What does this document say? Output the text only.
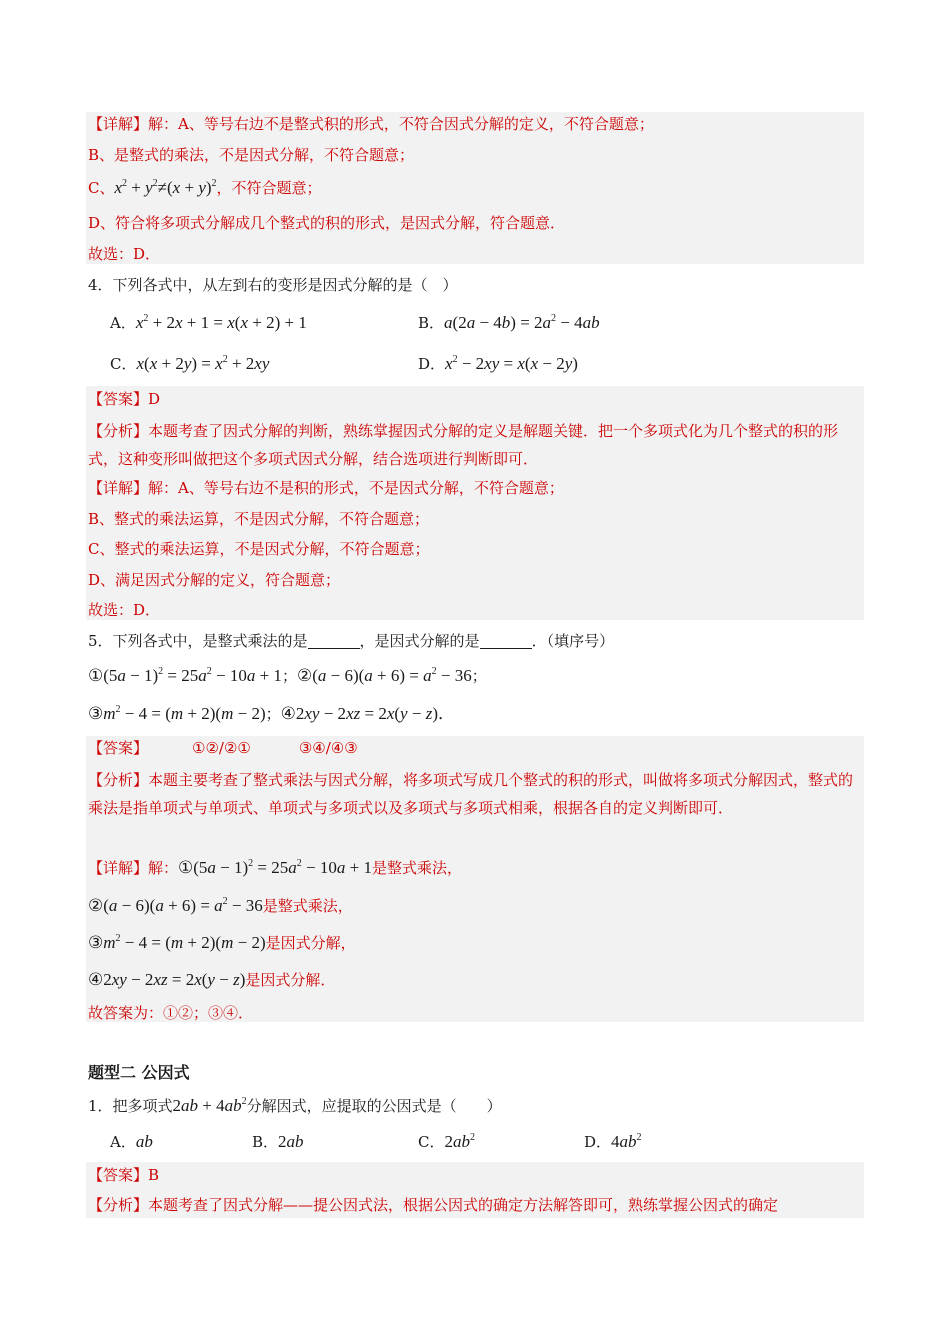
【详解】解：A、等号右边不是整式积的形式，不符合因式分解的定义，不符合题意；
B、是整式的乘法，不是因式分解，不符合题意；
C、$x^2 + y^2\ne(x + y)^2$，不符合题意；
D、符合将多项式分解成几个整式的积的形式，是因式分解，符合题意．
故选：D．
4．下列各式中，从左到右的变形是因式分解的是（　）
A．$x^2 + 2x + 1 = x(x + 2) + 1$	B．$a(2a - 4b) = 2a^2 - 4ab$
C．$x(x + 2y) = x^2 + 2xy$	D．$x^2 - 2xy = x(x - 2y)$
【答案】D
【分析】本题考查了因式分解的判断，熟练掌握因式分解的定义是解题关键．把一个多项式化为几个整式的积的形式，这种变形叫做把这个多项式因式分解，结合选项进行判断即可．
【详解】解：A、等号右边不是积的形式，不是因式分解，不符合题意；
B、整式的乘法运算，不是因式分解，不符合题意；
C、整式的乘法运算，不是因式分解，不符合题意；
D、满足因式分解的定义，符合题意；
故选：D．
5．下列各式中，是整式乘法的是	，是因式分解的是	．（填序号）
①(5a − $1)^2 = 25a^2 - 10a + 1$；②(a − $6)(a + 6) = a^2 - 36$；
$③m^2 - 4 = (m + 2)(m - 2)$；④2xy − 2xz = 2x(y − z)．
【答案】	①②/②①	③④/④③
【分析】本题主要考查了整式乘法与因式分解，将多项式写成几个整式的积的形式，叫做将多项式分解因式，整式的乘法是指单项式与单项式、单项式与多项式以及多项式与多项式相乘，根据各自的定义判断即可．
【详解】解：①(5a − $1)^2 = 25a^2 - 10a + 1$是整式乘法，
②(a − $6)(a + 6) = a^2 - 36$是整式乘法，
$③m^2 - 4 = (m + 2)(m - 2)$是因式分解，
④2xy − 2xz = 2x(y − z)是因式分解．
故答案为：①②；③④．
题型二 公因式
1．把多项式$2ab + 4ab^2$分解因式，应提取的公因式是（　　）
A．ab	B．2ab	C．$2ab^2$	D．$4ab^2$
【答案】B
【分析】本题考查了因式分解——提公因式法，根据公因式的确定方法解答即可，熟练掌握公因式的确定
